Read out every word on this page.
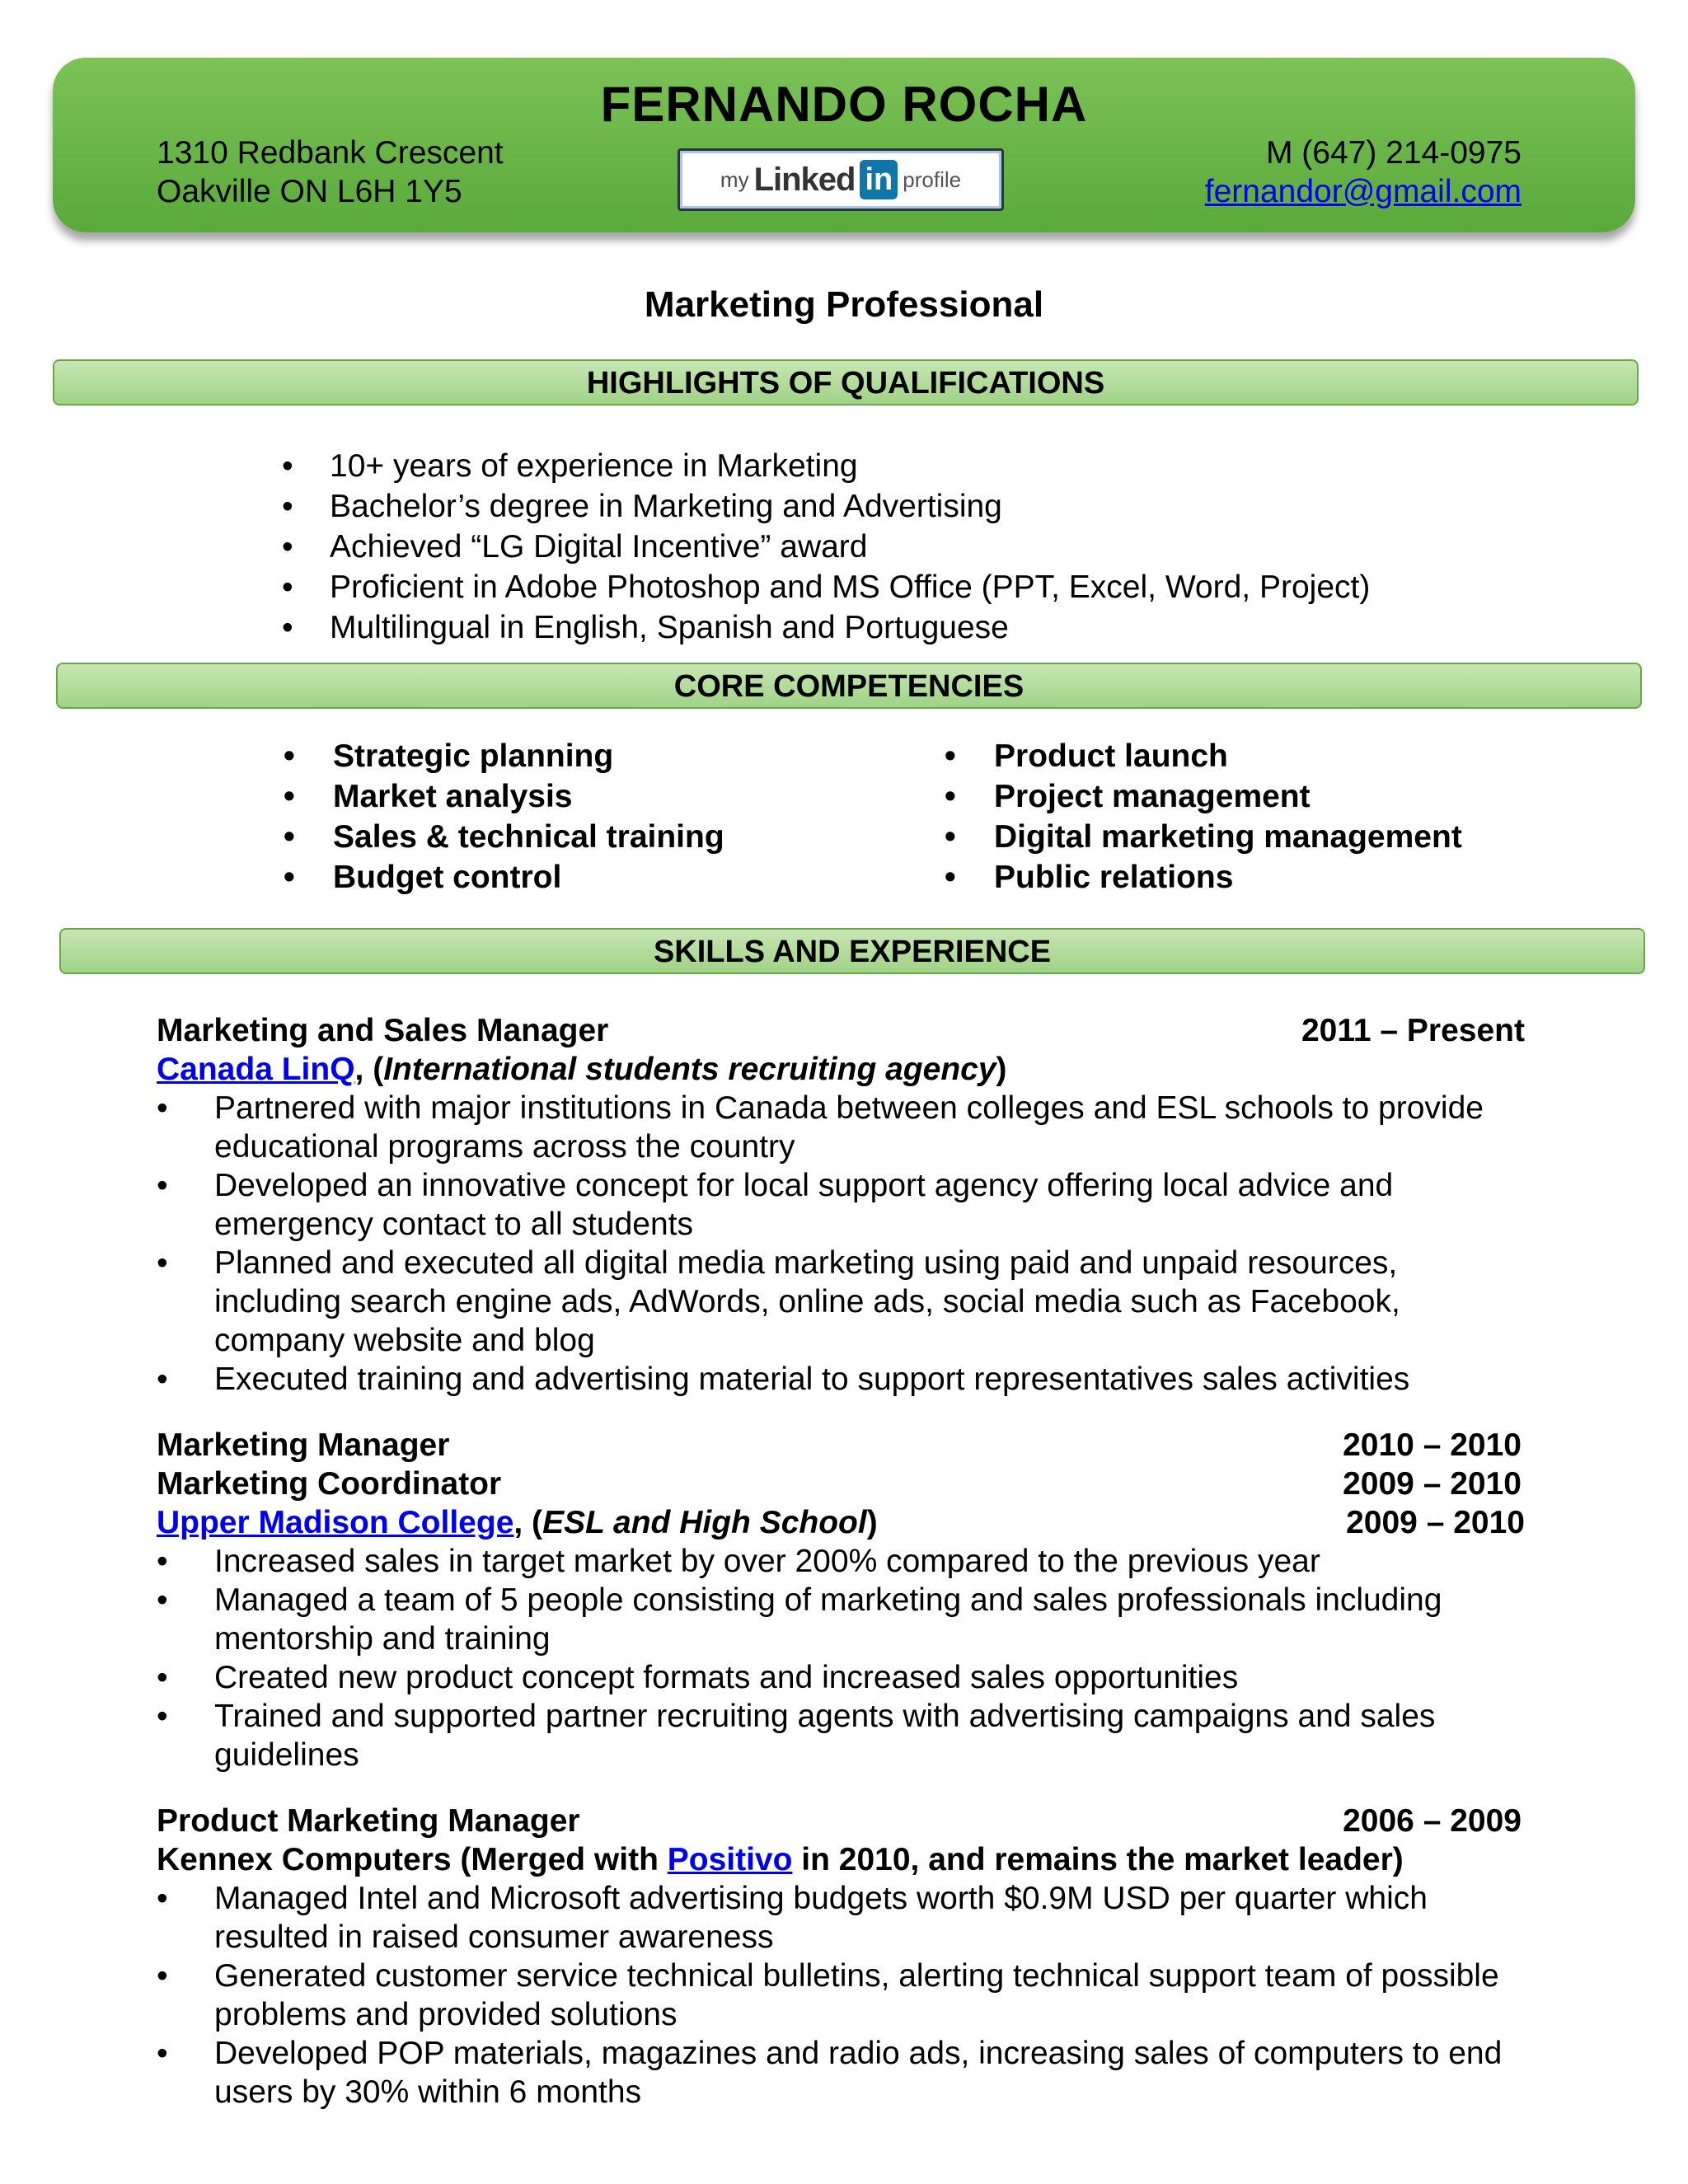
FERNANDO ROCHA
1310 Redbank Crescent
Oakville ON L6H 1Y5	my Linked in profile
M (647) 214-0975
fernandor@gmail.com
Marketing Professional
HIGHLIGHTS OF QUALIFICATIONS
• 10+ years of experience in Marketing
• Bachelor’s degree in Marketing and Advertising
• Achieved “LG Digital Incentive” award
• Proficient in Adobe Photoshop and MS Office (PPT, Excel, Word, Project)
• Multilingual in English, Spanish and Portuguese
CORE COMPETENCIES
• Strategic planning
• Market analysis
• Sales & technical training
• Budget control
• Product launch
• Project management
• Digital marketing management
• Public relations
SKILLS AND EXPERIENCE
Marketing and Sales Manager	2011 – Present
Canada LinQ, (International students recruiting agency)
• Partnered with major institutions in Canada between colleges and ESL schools to provide educational programs across the country
• Developed an innovative concept for local support agency offering local advice and emergency contact to all students
• Planned and executed all digital media marketing using paid and unpaid resources, including search engine ads, AdWords, online ads, social media such as Facebook, company website and blog
• Executed training and advertising material to support representatives sales activities
Marketing Manager	2010 – 2010
Marketing Coordinator	2009 – 2010
Upper Madison College, (ESL and High School)	2009 – 2010
• Increased sales in target market by over 200% compared to the previous year
• Managed a team of 5 people consisting of marketing and sales professionals including mentorship and training
• Created new product concept formats and increased sales opportunities
• Trained and supported partner recruiting agents with advertising campaigns and sales guidelines
Product Marketing Manager	2006 – 2009
Kennex Computers (Merged with Positivo in 2010, and remains the market leader)
• Managed Intel and Microsoft advertising budgets worth $0.9M USD per quarter which resulted in raised consumer awareness
• Generated customer service technical bulletins, alerting technical support team of possible problems and provided solutions
• Developed POP materials, magazines and radio ads, increasing sales of computers to end users by 30% within 6 months
